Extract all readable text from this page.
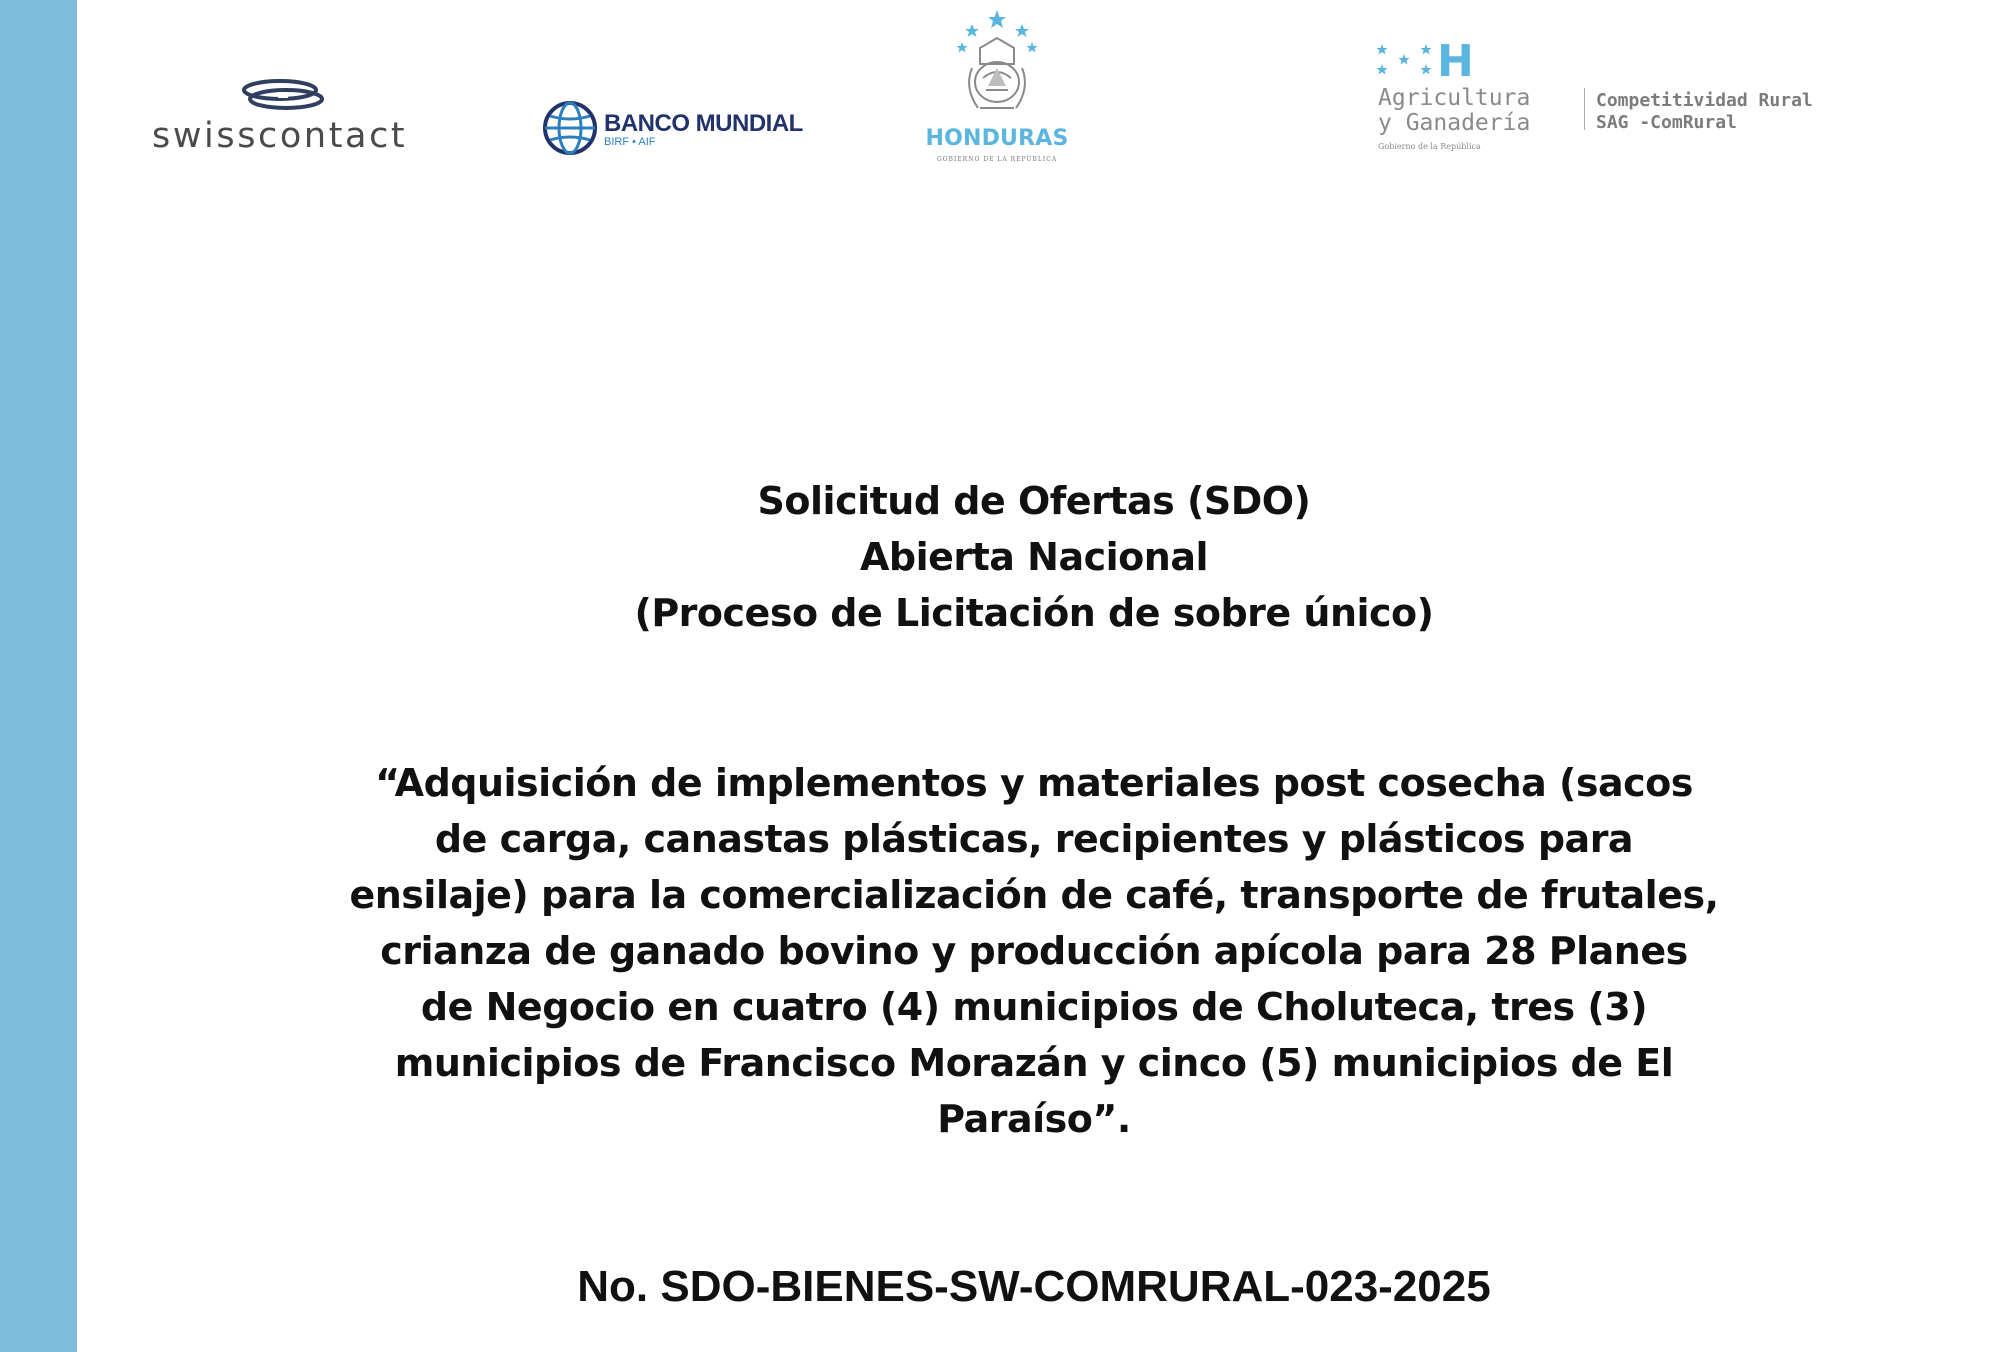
swisscontact	BANCO MUNDIAL
BIRF • AIF	HONDURAS
GOBIERNO DE LA REPÚBLICA
H
Agricultura
y Ganadería
Gobierno de la República
Competitividad Rural
SAG -ComRural
Solicitud de Ofertas (SDO)
Abierta Nacional
(Proceso de Licitación de sobre único)
“Adquisición de implementos y materiales post cosecha (sacos
de carga, canastas plásticas, recipientes y plásticos para
ensilaje) para la comercialización de café, transporte de frutales,
crianza de ganado bovino y producción apícola para 28 Planes
de Negocio en cuatro (4) municipios de Choluteca, tres (3)
municipios de Francisco Morazán y cinco (5) municipios de El
Paraíso”.
No. SDO-BIENES-SW-COMRURAL-023-2025
